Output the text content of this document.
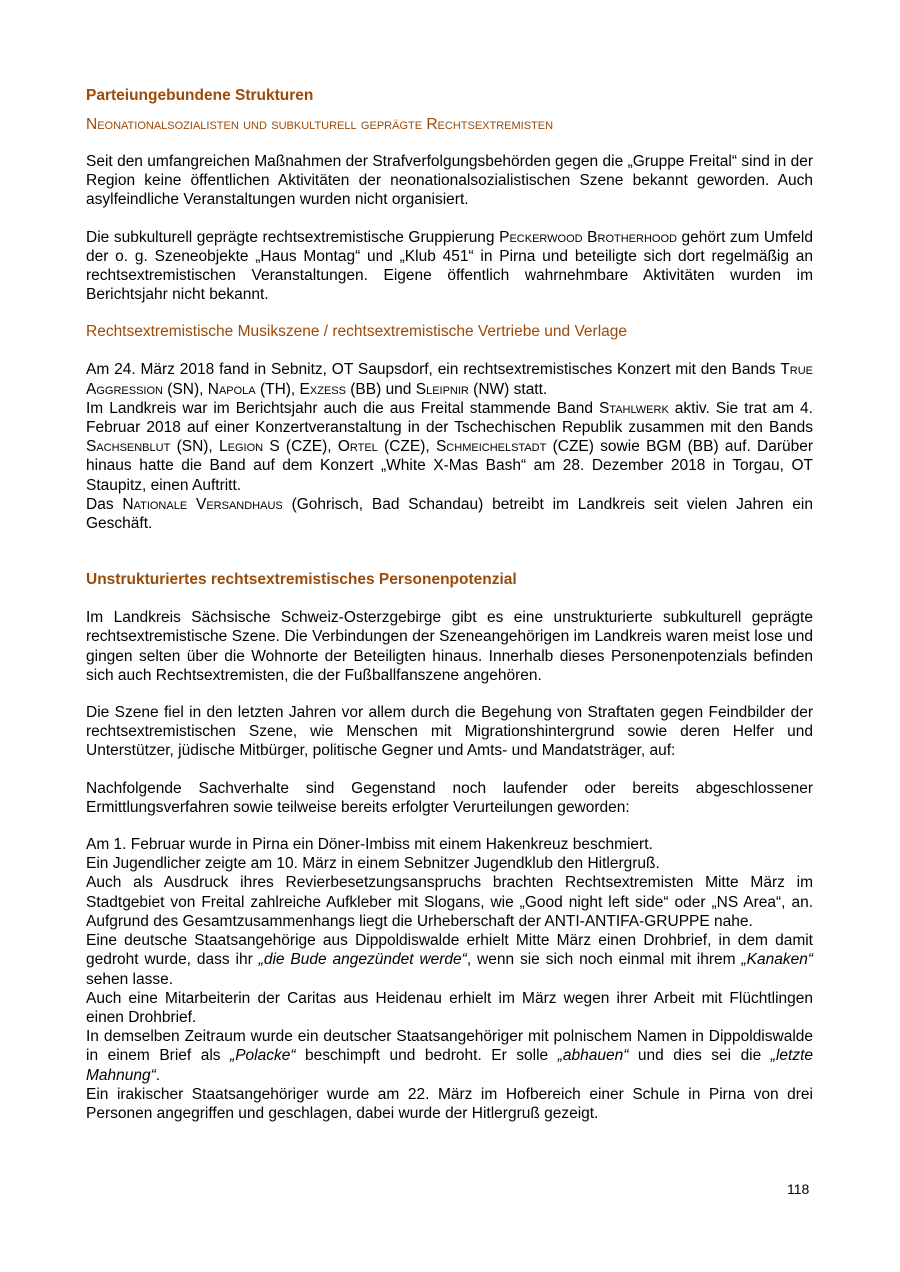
Parteiungebundene Strukturen

Neonationalsozialisten und subkulturell geprägte Rechtsextremisten

Seit den umfangreichen Maßnahmen der Strafverfolgungsbehörden gegen die „Gruppe Freital“ sind in der Region keine öffentlichen Aktivitäten der neonationalsozialistischen Szene bekannt geworden. Auch asylfeindliche Veranstaltungen wurden nicht organisiert.

Die subkulturell geprägte rechtsextremistische Gruppierung Peckerwood Brotherhood gehört zum Umfeld der o. g. Szeneobjekte „Haus Montag“ und „Klub 451“ in Pirna und beteiligte sich dort regelmäßig an rechtsextremistischen Veranstaltungen. Eigene öffentlich wahrnehmbare Aktivitäten wurden im Berichtsjahr nicht bekannt.

Rechtsextremistische Musikszene / rechtsextremistische Vertriebe und Verlage

Am 24. März 2018 fand in Sebnitz, OT Saupsdorf, ein rechtsextremistisches Konzert mit den Bands True Aggression (SN), Napola (TH), Exzess (BB) und Sleipnir (NW) statt.

Im Landkreis war im Berichtsjahr auch die aus Freital stammende Band Stahlwerk aktiv. Sie trat am 4. Februar 2018 auf einer Konzertveranstaltung in der Tschechischen Republik zusammen mit den Bands Sachsenblut (SN), Legion S (CZE), Ortel (CZE), Schmeichelstadt (CZE) sowie BGM (BB) auf. Darüber hinaus hatte die Band auf dem Konzert „White X-Mas Bash“ am 28. Dezember 2018 in Torgau, OT Staupitz, einen Auftritt.

Das Nationale Versandhaus (Gohrisch, Bad Schandau) betreibt im Landkreis seit vielen Jahren ein Geschäft.

Unstrukturiertes rechtsextremistisches Personenpotenzial

Im Landkreis Sächsische Schweiz-Osterzgebirge gibt es eine unstrukturierte subkulturell geprägte rechtsextremistische Szene. Die Verbindungen der Szeneangehörigen im Landkreis waren meist lose und gingen selten über die Wohnorte der Beteiligten hinaus. Innerhalb dieses Personenpotenzials befinden sich auch Rechtsextremisten, die der Fußballfanszene angehören.

Die Szene fiel in den letzten Jahren vor allem durch die Begehung von Straftaten gegen Feindbilder der rechtsextremistischen Szene, wie Menschen mit Migrationshintergrund sowie deren Helfer und Unterstützer, jüdische Mitbürger, politische Gegner und Amts- und Mandatsträger, auf:

Nachfolgende Sachverhalte sind Gegenstand noch laufender oder bereits abgeschlossener Ermittlungsverfahren sowie teilweise bereits erfolgter Verurteilungen geworden:

Am 1. Februar wurde in Pirna ein Döner-Imbiss mit einem Hakenkreuz beschmiert.

Ein Jugendlicher zeigte am 10. März in einem Sebnitzer Jugendklub den Hitlergruß.

Auch als Ausdruck ihres Revierbesetzungsanspruchs brachten Rechtsextremisten Mitte März im Stadtgebiet von Freital zahlreiche Aufkleber mit Slogans, wie „Good night left side“ oder „NS Area“, an. Aufgrund des Gesamtzusammenhangs liegt die Urheberschaft der ANTI-ANTIFA-GRUPPE nahe.

Eine deutsche Staatsangehörige aus Dippoldiswalde erhielt Mitte März einen Drohbrief, in dem damit gedroht wurde, dass ihr „die Bude angezündet werde“, wenn sie sich noch einmal mit ihrem „Kanaken“ sehen lasse.

Auch eine Mitarbeiterin der Caritas aus Heidenau erhielt im März wegen ihrer Arbeit mit Flüchtlingen einen Drohbrief.

In demselben Zeitraum wurde ein deutscher Staatsangehöriger mit polnischem Namen in Dippoldiswalde in einem Brief als „Polacke“ beschimpft und bedroht. Er solle „abhauen“ und dies sei die „letzte Mahnung“.

Ein irakischer Staatsangehöriger wurde am 22. März im Hofbereich einer Schule in Pirna von drei Personen angegriffen und geschlagen, dabei wurde der Hitlergruß gezeigt.

118
